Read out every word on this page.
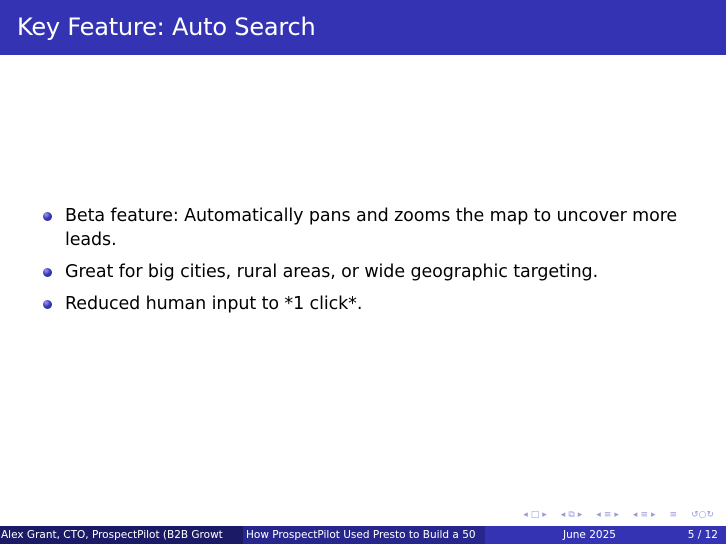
Key Feature: Auto Search
Beta feature: Automatically pans and zooms the map to uncover more leads.
Great for big cities, rural areas, or wide geographic targeting.
Reduced human input to *1 click*.
◂ □ ▸ ◂ ⧉ ▸ ◂ ≡ ▸ ◂ ≡ ▸ ≡ ↺○↻
Alex Grant, CTO, ProspectPilot (B2B Growt	How ProspectPilot Used Presto to Build a 50	June 2025	5 / 12
